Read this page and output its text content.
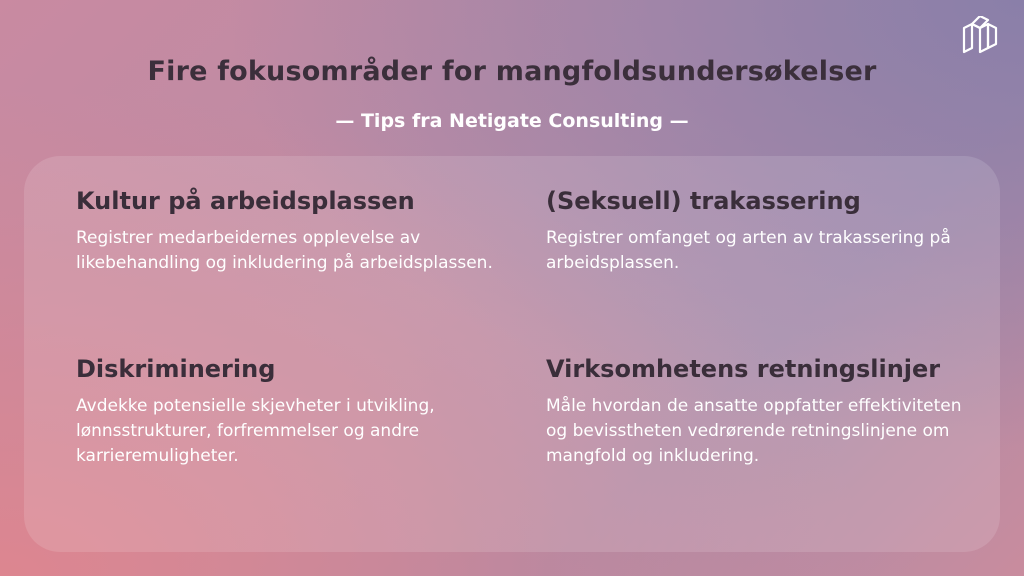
Fire fokusområder for mangfoldsundersøkelser

— Tips fra Netigate Consulting —

Kultur på arbeidsplassen

Registrer medarbeidernes opplevelse av likebehandling og inkludering på arbeidsplassen.

(Seksuell) trakassering

Registrer omfanget og arten av trakassering på arbeidsplassen.

Diskriminering

Avdekke potensielle skjevheter i utvikling, lønnsstrukturer, forfremmelser og andre karrieremuligheter.

Virksomhetens retningslinjer

Måle hvordan de ansatte oppfatter effektiviteten og bevisstheten vedrørende retningslinjene om mangfold og inkludering.
